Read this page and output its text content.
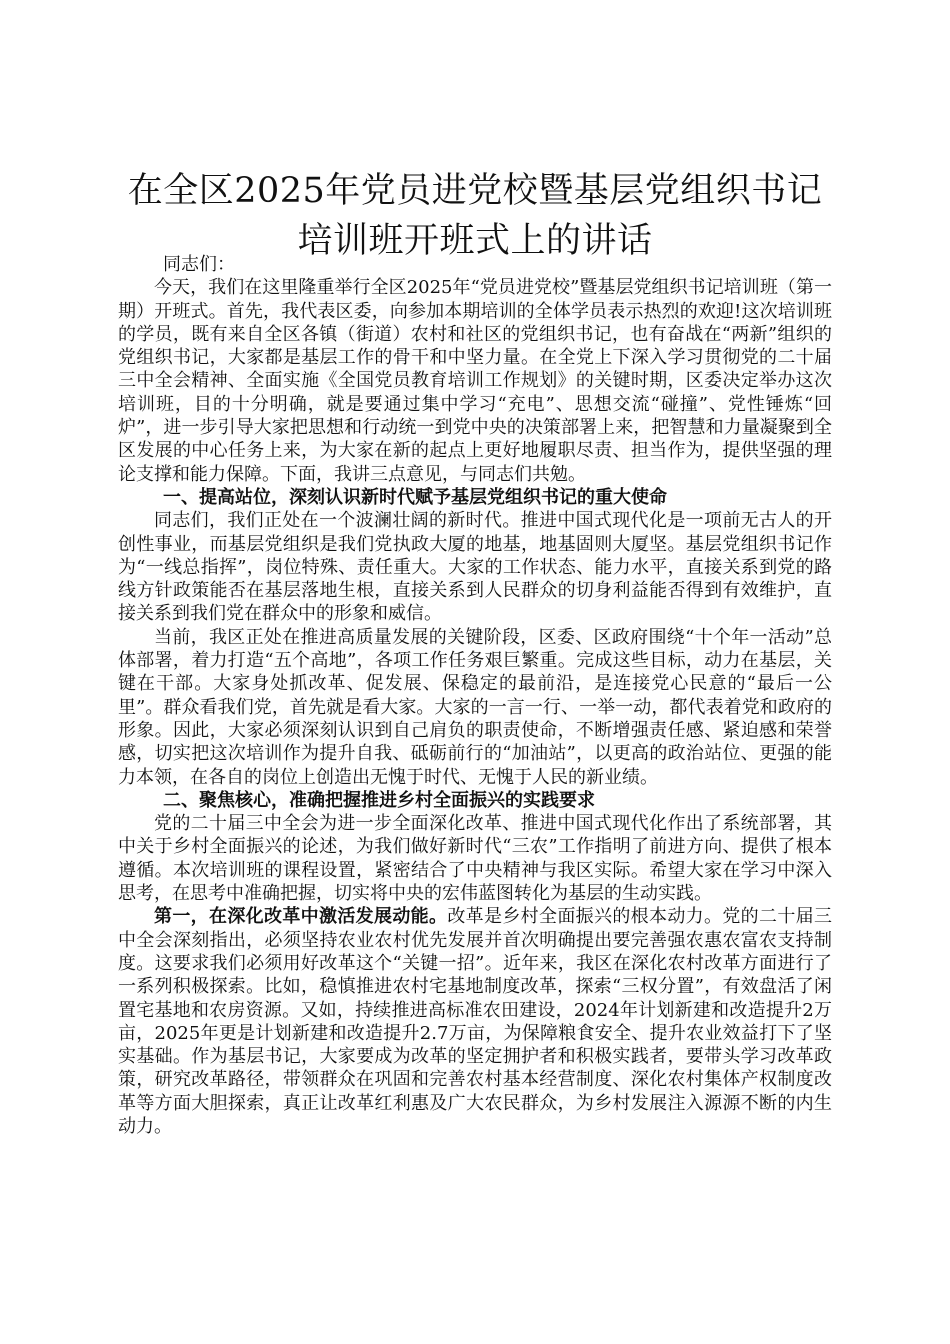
在全区2025年党员进党校暨基层党组织书记
培训班开班式上的讲话

同志们：

今天，我们在这里隆重举行全区2025年“党员进党校”暨基层党组织书记培训班（第一期）开班式。首先，我代表区委，向参加本期培训的全体学员表示热烈的欢迎!这次培训班的学员，既有来自全区各镇（街道）农村和社区的党组织书记，也有奋战在“两新”组织的党组织书记，大家都是基层工作的骨干和中坚力量。在全党上下深入学习贯彻党的二十届三中全会精神、全面实施《全国党员教育培训工作规划》的关键时期，区委决定举办这次培训班，目的十分明确，就是要通过集中学习“充电”、思想交流“碰撞”、党性锤炼“回炉”，进一步引导大家把思想和行动统一到党中央的决策部署上来，把智慧和力量凝聚到全区发展的中心任务上来，为大家在新的起点上更好地履职尽责、担当作为，提供坚强的理论支撑和能力保障。下面，我讲三点意见，与同志们共勉。

一、提高站位，深刻认识新时代赋予基层党组织书记的重大使命

同志们，我们正处在一个波澜壮阔的新时代。推进中国式现代化是一项前无古人的开创性事业，而基层党组织是我们党执政大厦的地基，地基固则大厦坚。基层党组织书记作为“一线总指挥”，岗位特殊、责任重大。大家的工作状态、能力水平，直接关系到党的路线方针政策能否在基层落地生根，直接关系到人民群众的切身利益能否得到有效维护，直接关系到我们党在群众中的形象和威信。

当前，我区正处在推进高质量发展的关键阶段，区委、区政府围绕“十个年一活动”总体部署，着力打造“五个高地”，各项工作任务艰巨繁重。完成这些目标，动力在基层，关键在干部。大家身处抓改革、促发展、保稳定的最前沿，是连接党心民意的“最后一公里”。群众看我们党，首先就是看大家。大家的一言一行、一举一动，都代表着党和政府的形象。因此，大家必须深刻认识到自己肩负的职责使命，不断增强责任感、紧迫感和荣誉感，切实把这次培训作为提升自我、砥砺前行的“加油站”，以更高的政治站位、更强的能力本领，在各自的岗位上创造出无愧于时代、无愧于人民的新业绩。

二、聚焦核心，准确把握推进乡村全面振兴的实践要求

党的二十届三中全会为进一步全面深化改革、推进中国式现代化作出了系统部署，其中关于乡村全面振兴的论述，为我们做好新时代“三农”工作指明了前进方向、提供了根本遵循。本次培训班的课程设置，紧密结合了中央精神与我区实际。希望大家在学习中深入思考，在思考中准确把握，切实将中央的宏伟蓝图转化为基层的生动实践。

第一，在深化改革中激活发展动能。改革是乡村全面振兴的根本动力。党的二十届三中全会深刻指出，必须坚持农业农村优先发展并首次明确提出要完善强农惠农富农支持制度。这要求我们必须用好改革这个“关键一招”。近年来，我区在深化农村改革方面进行了一系列积极探索。比如，稳慎推进农村宅基地制度改革，探索“三权分置”，有效盘活了闲置宅基地和农房资源。又如，持续推进高标准农田建设，2024年计划新建和改造提升2万亩，2025年更是计划新建和改造提升2.7万亩，为保障粮食安全、提升农业效益打下了坚实基础。作为基层书记，大家要成为改革的坚定拥护者和积极实践者，要带头学习改革政策，研究改革路径，带领群众在巩固和完善农村基本经营制度、深化农村集体产权制度改革等方面大胆探索，真正让改革红利惠及广大农民群众，为乡村发展注入源源不断的内生动力。
